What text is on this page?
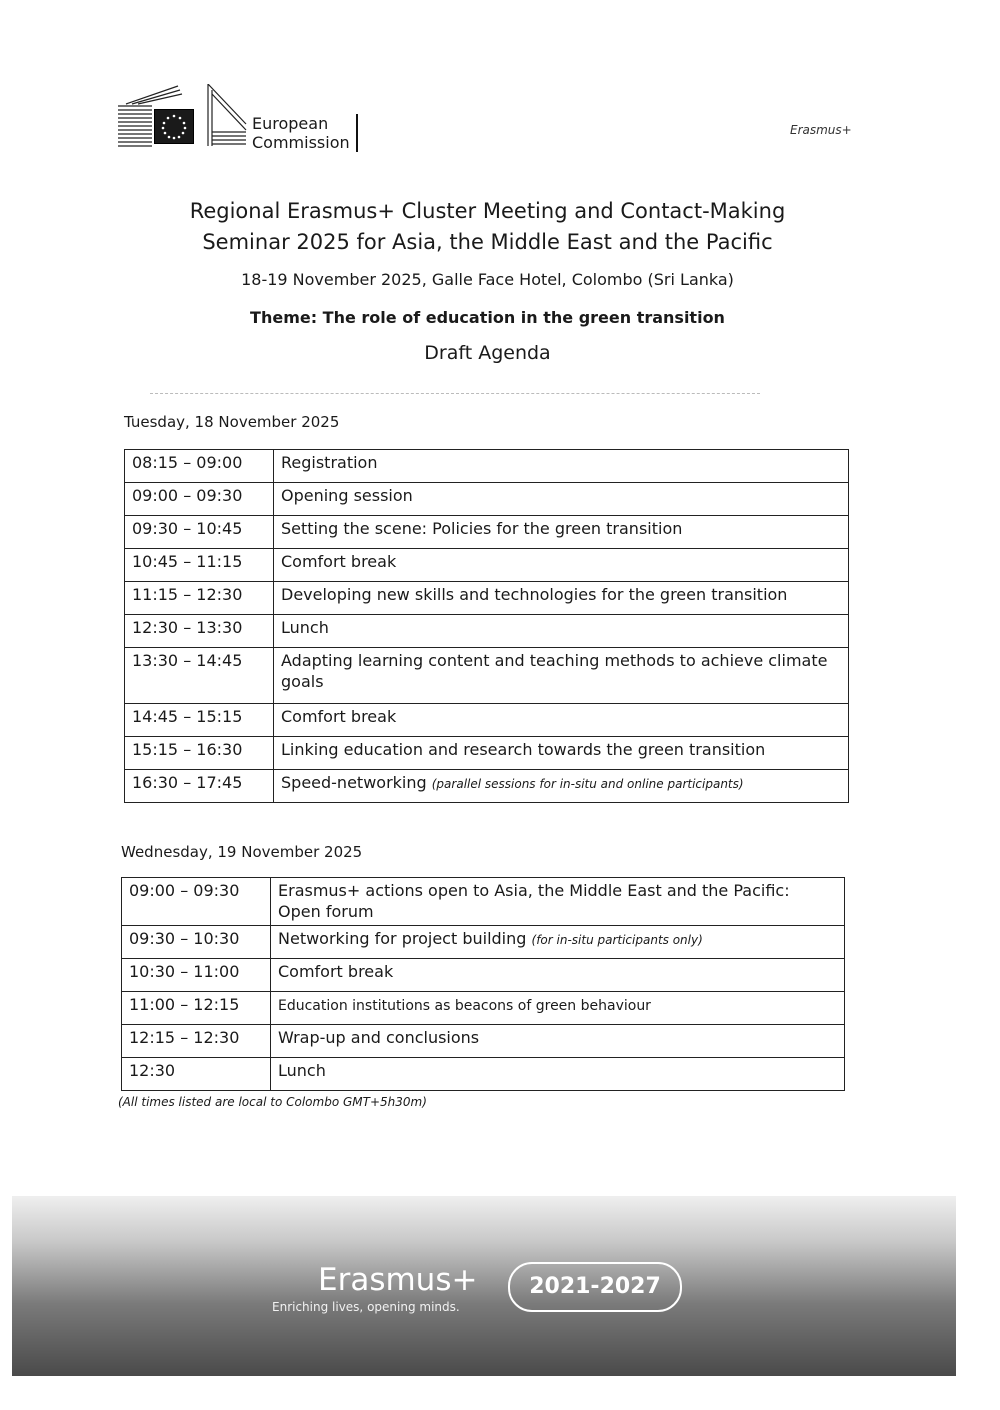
European
Commission
Erasmus+
Regional Erasmus+ Cluster Meeting and Contact-Making
Seminar 2025 for Asia, the Middle East and the Pacific
18-19 November 2025, Galle Face Hotel, Colombo (Sri Lanka)
Theme: The role of education in the green transition
Draft Agenda
Tuesday, 18 November 2025
08:15 – 09:00	Registration
09:00 – 09:30	Opening session
09:30 – 10:45	Setting the scene: Policies for the green transition
10:45 – 11:15	Comfort break
11:15 – 12:30	Developing new skills and technologies for the green transition
12:30 – 13:30	Lunch
13:30 – 14:45	Adapting learning content and teaching methods to achieve climate goals
14:45 – 15:15	Comfort break
15:15 – 16:30	Linking education and research towards the green transition
16:30 – 17:45	Speed-networking (parallel sessions for in-situ and online participants)
Wednesday, 19 November 2025
09:00 – 09:30	Erasmus+ actions open to Asia, the Middle East and the Pacific: Open forum
09:30 – 10:30	Networking for project building (for in-situ participants only)
10:30 – 11:00	Comfort break
11:00 – 12:15	Education institutions as beacons of green behaviour
12:15 – 12:30	Wrap-up and conclusions
12:30	Lunch
(All times listed are local to Colombo GMT+5h30m)
Erasmus+
Enriching lives, opening minds.
2021-2027
